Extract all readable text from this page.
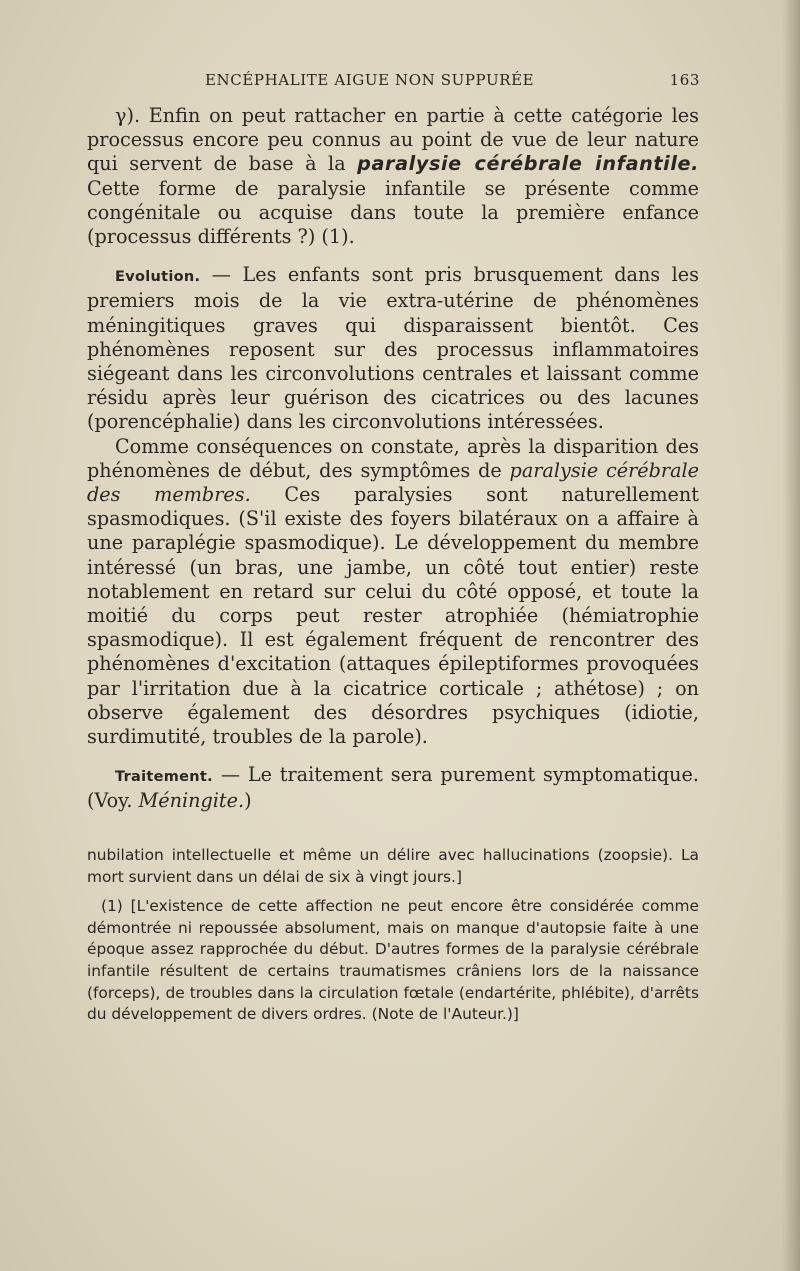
ENCÉPHALITE AIGUE NON SUPPURÉE	163

γ). Enfin on peut rattacher en partie à cette catégorie les processus encore peu connus au point de vue de leur nature qui servent de base à la paralysie cérébrale infantile. Cette forme de paralysie infantile se présente comme congénitale ou acquise dans toute la première enfance (processus différents ?) (1).

Evolution. — Les enfants sont pris brusquement dans les premiers mois de la vie extra-utérine de phénomènes méningitiques graves qui disparaissent bientôt. Ces phénomènes reposent sur des processus inflammatoires siégeant dans les circonvolutions centrales et laissant comme résidu après leur guérison des cicatrices ou des lacunes (porencéphalie) dans les circonvolutions intéressées.

Comme conséquences on constate, après la disparition des phénomènes de début, des symptômes de paralysie cérébrale des membres. Ces paralysies sont naturellement spasmodiques. (S'il existe des foyers bilatéraux on a affaire à une paraplégie spasmodique). Le développement du membre intéressé (un bras, une jambe, un côté tout entier) reste notablement en retard sur celui du côté opposé, et toute la moitié du corps peut rester atrophiée (hémiatrophie spasmodique). Il est également fréquent de rencontrer des phénomènes d'excitation (attaques épileptiformes provoquées par l'irritation due à la cicatrice corticale ; athétose) ; on observe également des désordres psychiques (idiotie, surdimutité, troubles de la parole).

Traitement. — Le traitement sera purement symptomatique. (Voy. Méningite.)

nubilation intellectuelle et même un délire avec hallucinations (zoopsie). La mort survient dans un délai de six à vingt jours.]

(1) [L'existence de cette affection ne peut encore être considérée comme démontrée ni repoussée absolument, mais on manque d'autopsie faite à une époque assez rapprochée du début. D'autres formes de la paralysie cérébrale infantile résultent de certains traumatismes crâniens lors de la naissance (forceps), de troubles dans la circulation fœtale (endartérite, phlébite), d'arrêts du développement de divers ordres. (Note de l'Auteur.)]
